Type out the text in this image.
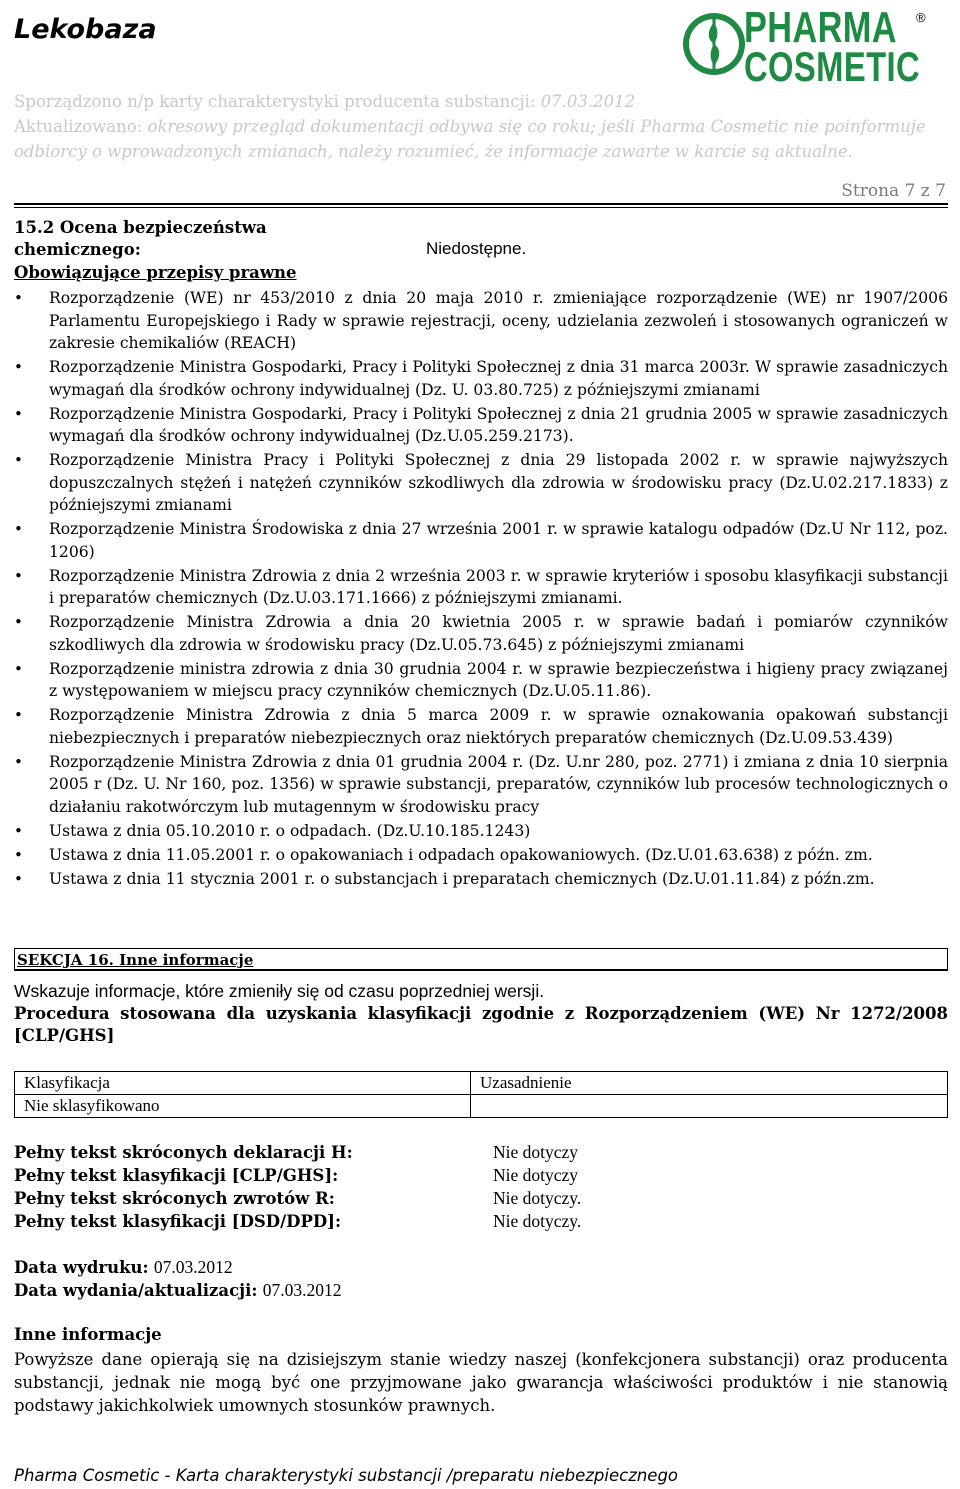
Lekobaza	PHARMA
COSMETIC
®
Sporządzono n/p karty charakterystyki producenta substancji: 07.03.2012
Aktualizowano: okresowy przegląd dokumentacji odbywa się co roku; jeśli Pharma Cosmetic nie poinformuje odbiorcy o wprowadzonych zmianach, należy rozumieć, że informacje zawarte w karcie są aktualne.
Strona 7 z 7
15.2 Ocena bezpieczeństwa
chemicznego:	Niedostępne.
Obowiązujące przepisy prawne
• Rozporządzenie (WE) nr 453/2010 z dnia 20 maja 2010 r. zmieniające rozporządzenie (WE) nr 1907/2006 Parlamentu Europejskiego i Rady w sprawie rejestracji, oceny, udzielania zezwoleń i stosowanych ograniczeń w zakresie chemikaliów (REACH)
• Rozporządzenie Ministra Gospodarki, Pracy i Polityki Społecznej z dnia 31 marca 2003r. W sprawie zasadniczych wymagań dla środków ochrony indywidualnej (Dz. U. 03.80.725) z późniejszymi zmianami
• Rozporządzenie Ministra Gospodarki, Pracy i Polityki Społecznej z dnia 21 grudnia 2005 w sprawie zasadniczych wymagań dla środków ochrony indywidualnej (Dz.U.05.259.2173).
• Rozporządzenie Ministra Pracy i Polityki Społecznej z dnia 29 listopada 2002 r. w sprawie najwyższych dopuszczalnych stężeń i natężeń czynników szkodliwych dla zdrowia w środowisku pracy (Dz.U.02.217.1833) z późniejszymi zmianami
• Rozporządzenie Ministra Środowiska z dnia 27 września 2001 r. w sprawie katalogu odpadów (Dz.U Nr 112, poz. 1206)
• Rozporządzenie Ministra Zdrowia z dnia 2 września 2003 r. w sprawie kryteriów i sposobu klasyfikacji substancji i preparatów chemicznych (Dz.U.03.171.1666) z późniejszymi zmianami.
• Rozporządzenie Ministra Zdrowia a dnia 20 kwietnia 2005 r. w sprawie badań i pomiarów czynników szkodliwych dla zdrowia w środowisku pracy (Dz.U.05.73.645) z późniejszymi zmianami
• Rozporządzenie ministra zdrowia z dnia 30 grudnia 2004 r. w sprawie bezpieczeństwa i higieny pracy związanej z występowaniem w miejscu pracy czynników chemicznych (Dz.U.05.11.86).
• Rozporządzenie Ministra Zdrowia z dnia 5 marca 2009 r. w sprawie oznakowania opakowań substancji niebezpiecznych i preparatów niebezpiecznych oraz niektórych preparatów chemicznych (Dz.U.09.53.439)
• Rozporządzenie Ministra Zdrowia z dnia 01 grudnia 2004 r. (Dz. U.nr 280, poz. 2771) i zmiana z dnia 10 sierpnia 2005 r (Dz. U. Nr 160, poz. 1356) w sprawie substancji, preparatów, czynników lub procesów technologicznych o działaniu rakotwórczym lub mutagennym w środowisku pracy
• Ustawa z dnia 05.10.2010 r. o odpadach. (Dz.U.10.185.1243)
• Ustawa z dnia 11.05.2001 r. o opakowaniach i odpadach opakowaniowych. (Dz.U.01.63.638) z późn. zm.
• Ustawa z dnia 11 stycznia 2001 r. o substancjach i preparatach chemicznych (Dz.U.01.11.84) z późn.zm.
SEKCJA 16. Inne informacje
Wskazuje informacje, które zmieniły się od czasu poprzedniej wersji.
Procedura stosowana dla uzyskania klasyfikacji zgodnie z Rozporządzeniem (WE) Nr 1272/2008 [CLP/GHS]
Klasyfikacja	Uzasadnienie
Nie sklasyfikowano	
Pełny tekst skróconych deklaracji H:	Nie dotyczy
Pełny tekst klasyfikacji [CLP/GHS]:	Nie dotyczy
Pełny tekst skróconych zwrotów R:	Nie dotyczy.
Pełny tekst klasyfikacji [DSD/DPD]:	Nie dotyczy.
Data wydruku: 07.03.2012
Data wydania/aktualizacji: 07.03.2012
Inne informacje
Powyższe dane opierają się na dzisiejszym stanie wiedzy naszej (konfekcjonera substancji) oraz producenta substancji, jednak nie mogą być one przyjmowane jako gwarancja właściwości produktów i nie stanowią podstawy jakichkolwiek umownych stosunków prawnych.
Pharma Cosmetic - Karta charakterystyki substancji /preparatu niebezpiecznego
